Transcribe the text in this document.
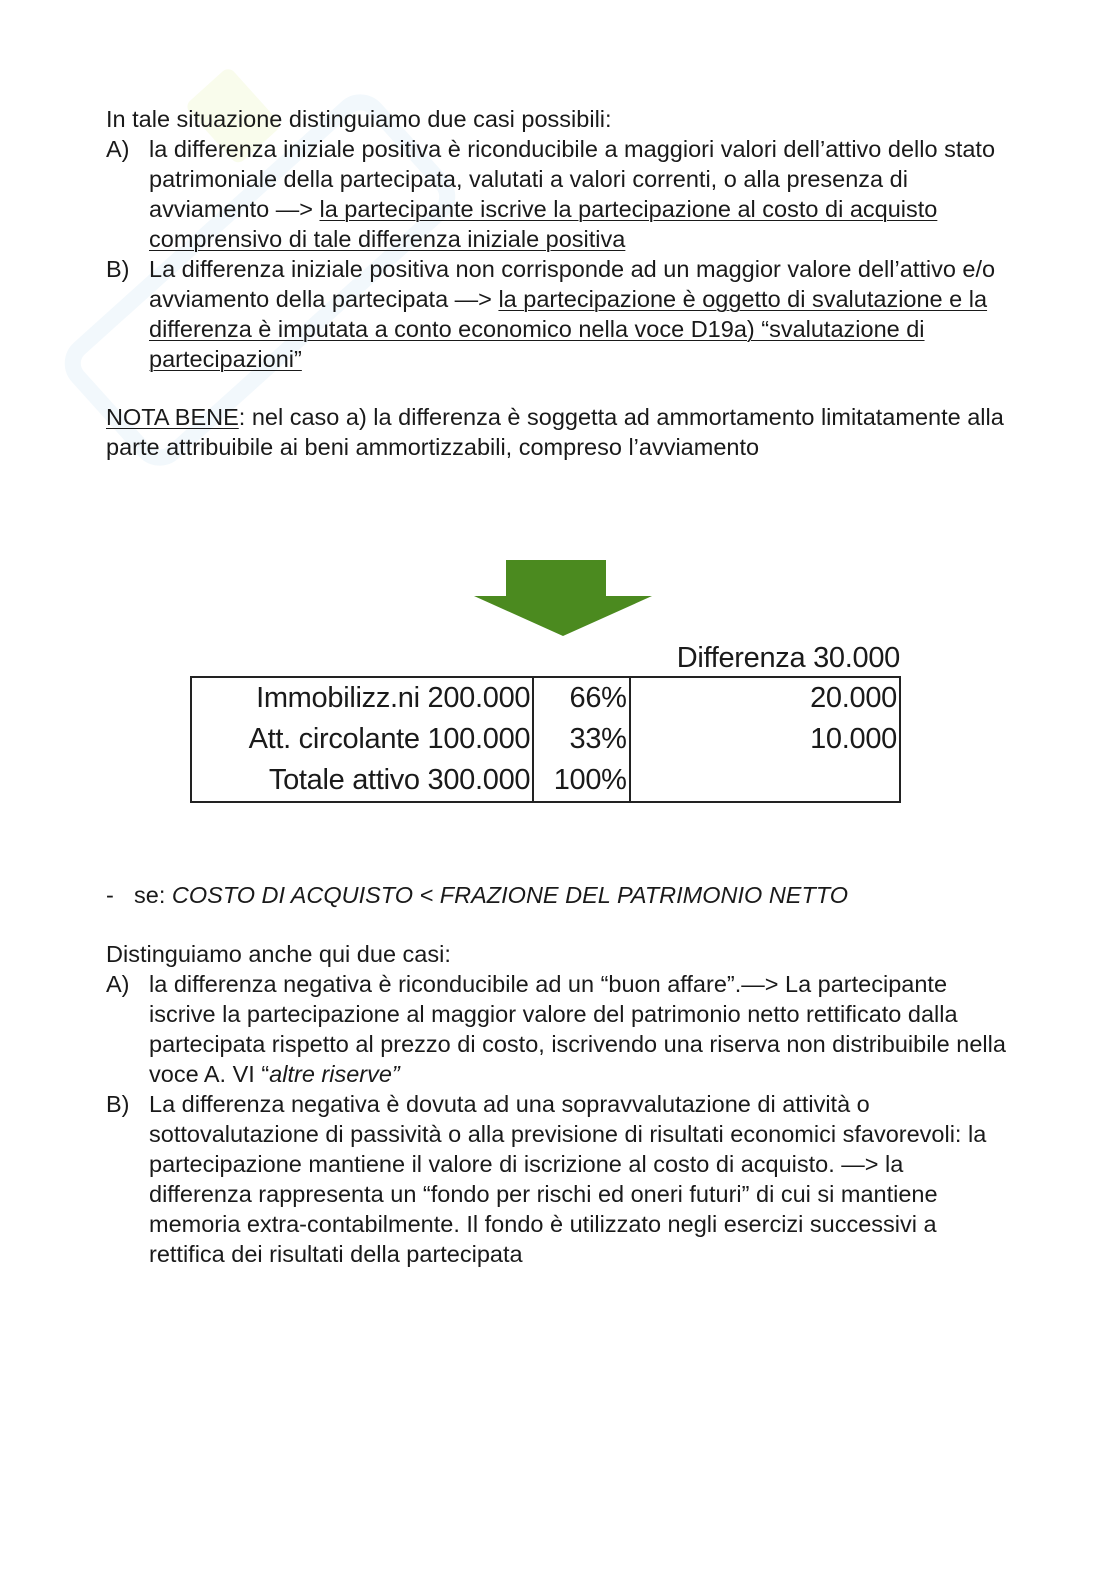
In tale situazione distinguiamo due casi possibili:
A) la differenza iniziale positiva è riconducibile a maggiori valori dell’attivo dello stato patrimoniale della partecipata, valutati a valori correnti, o alla presenza di avviamento —> la partecipante iscrive la partecipazione al costo di acquisto comprensivo di tale differenza iniziale positiva
B) La differenza iniziale positiva non corrisponde ad un maggior valore dell’attivo e/o avviamento della partecipata —> la partecipazione è oggetto di svalutazione e la differenza è imputata a conto economico nella voce D19a) “svalutazione di partecipazioni”
NOTA BENE: nel caso a) la differenza è soggetta ad ammortamento limitatamente alla parte attribuibile ai beni ammortizzabili, compreso l’avviamento
Differenza 30.000
Immobilizz.ni 200.000	66%	20.000
Att. circolante 100.000	33%	10.000
Totale attivo 300.000	100%	
- se: COSTO DI ACQUISTO < FRAZIONE DEL PATRIMONIO NETTO
Distinguiamo anche qui due casi:
A) la differenza negativa è riconducibile ad un “buon affare”.—> La partecipante iscrive la partecipazione al maggior valore del patrimonio netto rettificato dalla partecipata rispetto al prezzo di costo, iscrivendo una riserva non distribuibile nella voce A. VI “altre riserve”
B) La differenza negativa è dovuta ad una sopravvalutazione di attività o sottovalutazione di passività o alla previsione di risultati economici sfavorevoli: la partecipazione mantiene il valore di iscrizione al costo di acquisto. —> la differenza rappresenta un “fondo per rischi ed oneri futuri” di cui si mantiene memoria extra-contabilmente. Il fondo è utilizzato negli esercizi successivi a rettifica dei risultati della partecipata
